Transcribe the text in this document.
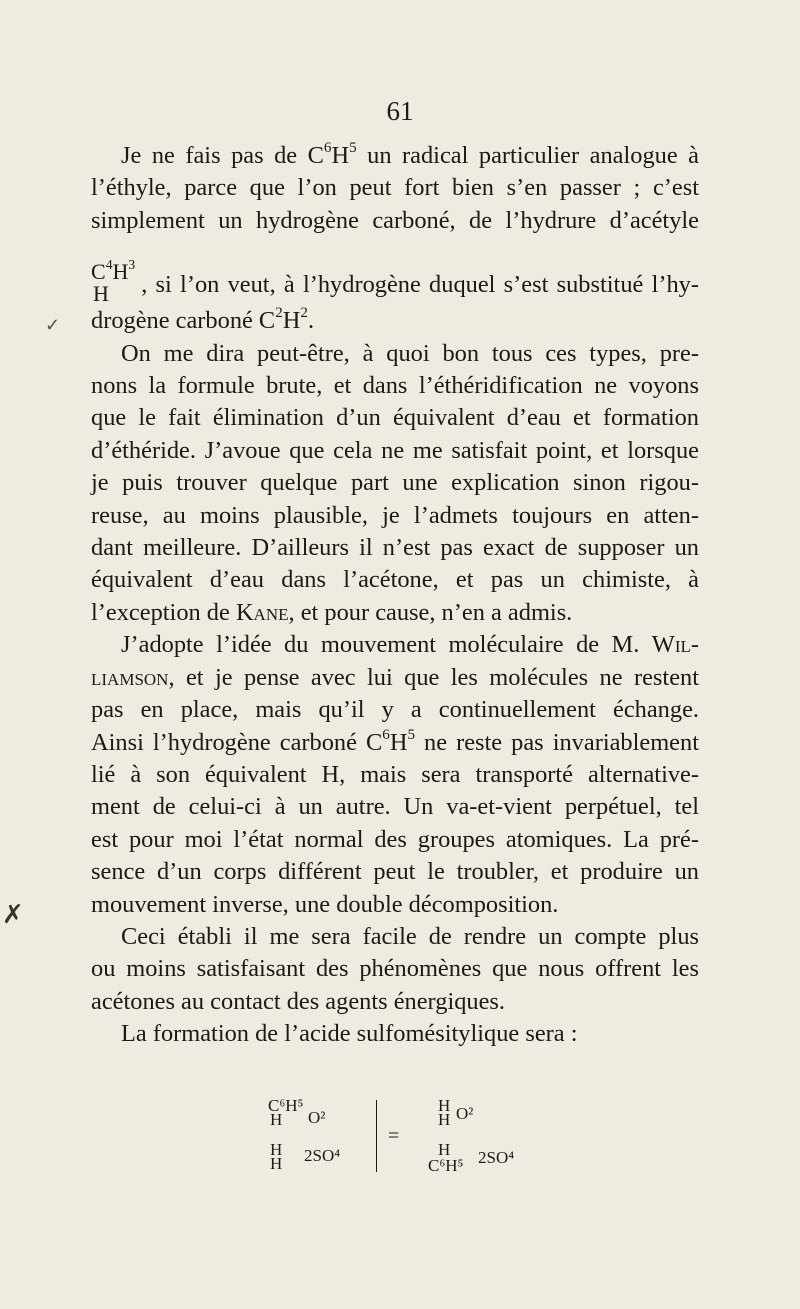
61

Je ne fais pas de $C^6H^5$ un radical particulier analogue à

l’éthyle, parce que l’on peut fort bien s’en passer ; c’est

simplement un hydrogène carboné, de l’hydrure d’acétyle

$C^4H^3$
H	, si l’on veut, à l’hydrogène duquel s’est substitué l’hy-

drogène carboné $C^2H^2$.

On me dira peut-être, à quoi bon tous ces types, pre-

nons la formule brute, et dans l’éthéridification ne voyons

que le fait élimination d’un équivalent d’eau et formation

d’éthéride. J’avoue que cela ne me satisfait point, et lorsque

je puis trouver quelque part une explication sinon rigou-

reuse, au moins plausible, je l’admets toujours en atten-

dant meilleure. D’ailleurs il n’est pas exact de supposer un

équivalent d’eau dans l’acétone, et pas un chimiste, à

l’exception de Kane, et pour cause, n’en a admis.

J’adopte l’idée du mouvement moléculaire de M. Wil-

liamson, et je pense avec lui que les molécules ne restent

pas en place, mais qu’il y a continuellement échange.

Ainsi l’hydrogène carboné $C^6H^5$ ne reste pas invariablement

lié à son équivalent H, mais sera transporté alternative-

ment de celui-ci à un autre. Un va-et-vient perpétuel, tel

est pour moi l’état normal des groupes atomiques. La pré-

sence d’un corps différent peut le troubler, et produire un

mouvement inverse, une double décomposition.

Ceci établi il me sera facile de rendre un compte plus

ou moins satisfaisant des phénomènes que nous offrent les

acétones au contact des agents énergiques.

La formation de l’acide sulfomésitylique sera :

C⁶H⁵
H O²
H
H 2SO⁴
=
H
H O²
H
C⁶H⁵ 2SO⁴
✓
✗
